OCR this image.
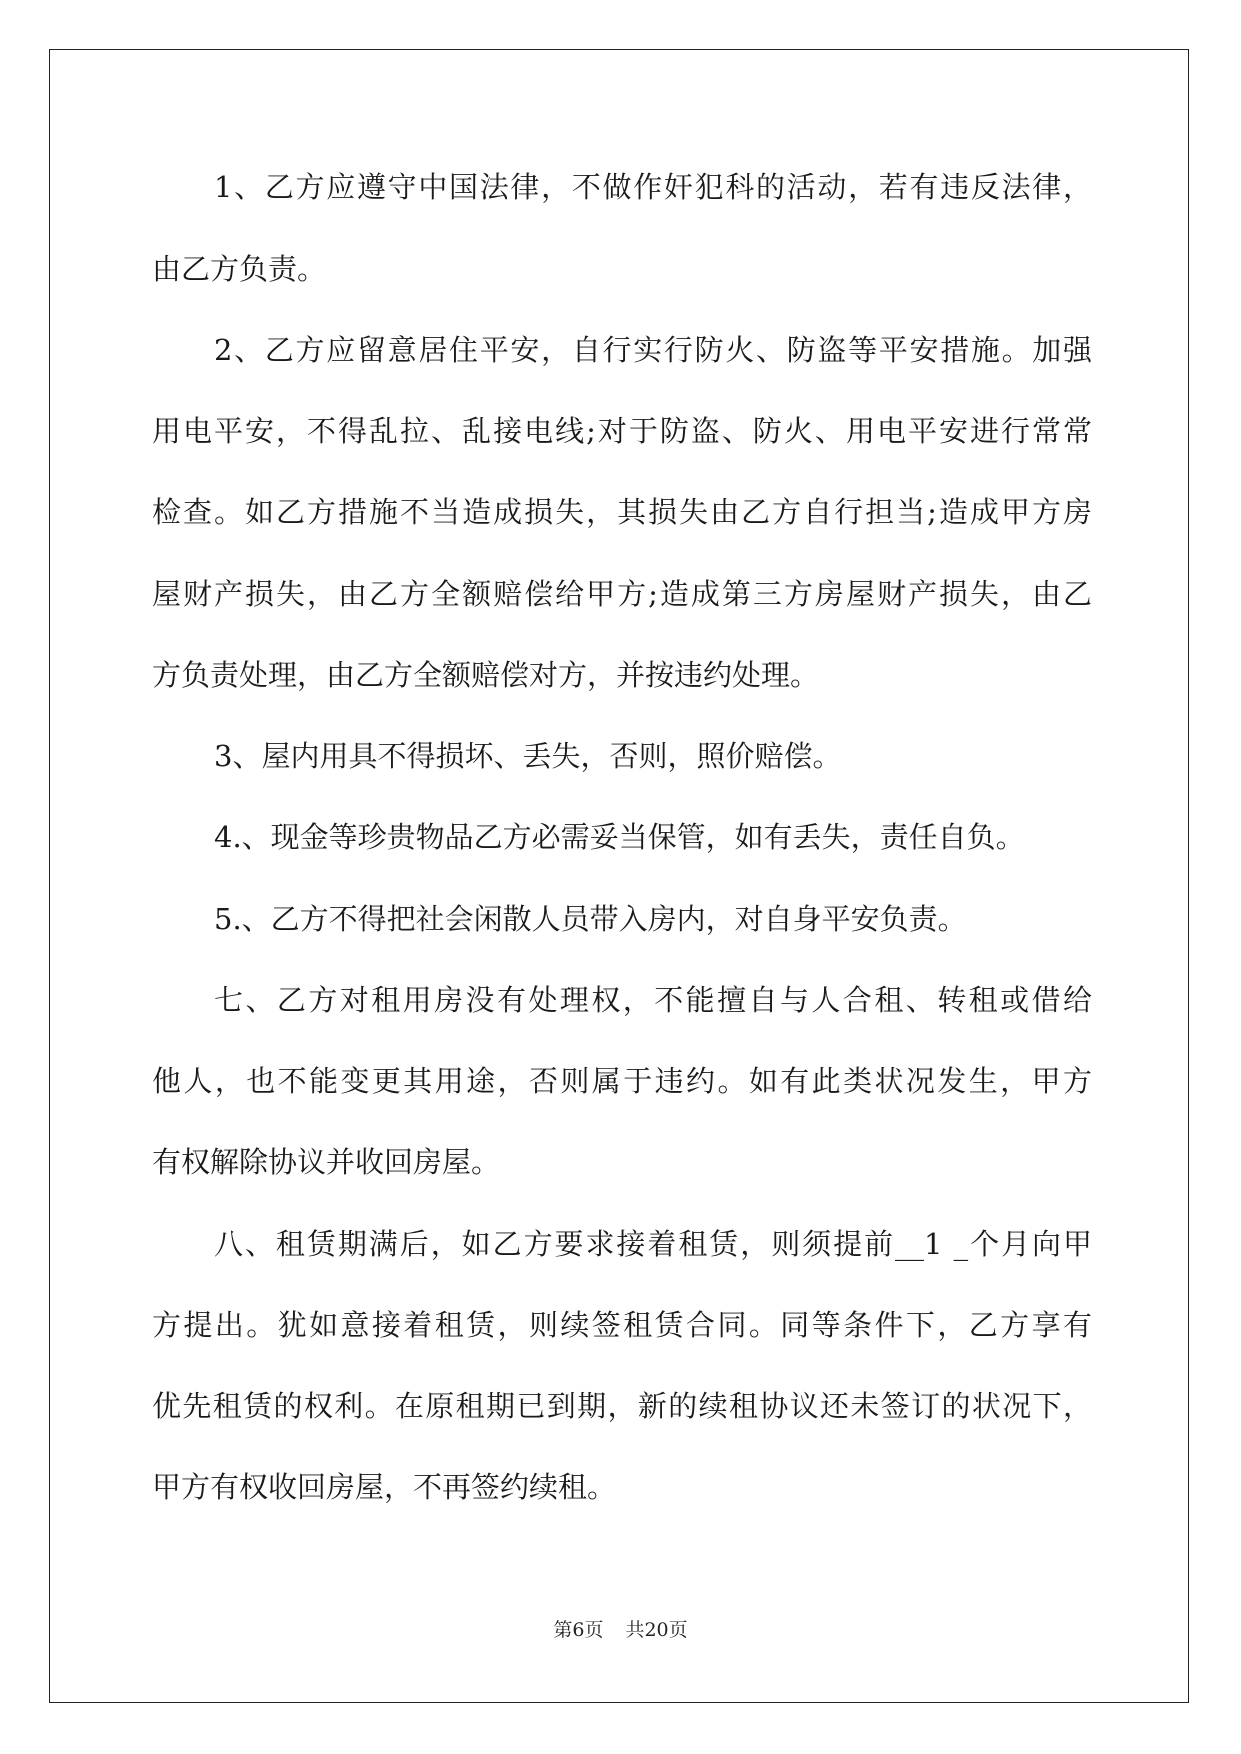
1、乙方应遵守中国法律，不做作奸犯科的活动，若有违反法律，
由乙方负责。
2、乙方应留意居住平安，自行实行防火、防盗等平安措施。加强
用电平安，不得乱拉、乱接电线;对于防盗、防火、用电平安进行常常
检查。如乙方措施不当造成损失，其损失由乙方自行担当;造成甲方房
屋财产损失，由乙方全额赔偿给甲方;造成第三方房屋财产损失，由乙
方负责处理，由乙方全额赔偿对方，并按违约处理。
3、屋内用具不得损坏、丢失，否则，照价赔偿。
4.、现金等珍贵物品乙方必需妥当保管，如有丢失，责任自负。
5.、乙方不得把社会闲散人员带入房内，对自身平安负责。
七、乙方对租用房没有处理权，不能擅自与人合租、转租或借给
他人，也不能变更其用途，否则属于违约。如有此类状况发生，甲方
有权解除协议并收回房屋。
八、租赁期满后，如乙方要求接着租赁，则须提前__1 _个月向甲
方提出。犹如意接着租赁，则续签租赁合同。同等条件下，乙方享有
优先租赁的权利。在原租期已到期，新的续租协议还未签订的状况下，
甲方有权收回房屋，不再签约续租。
第6页 共20页
